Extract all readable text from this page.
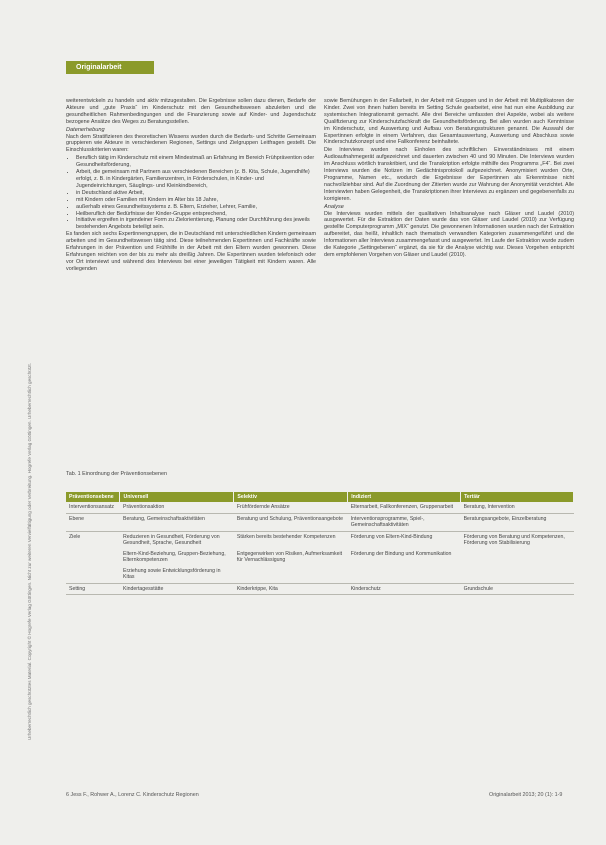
Originalarbeit
Urheberrechtlich geschütztes Material. Copyright © Hogrefe Verlag Göttingen. Nicht zur weiteren Vervielfältigung oder Verbreitung. Hogrefe Verlag Göttingen. Urheberrechtlich geschützt.

weiterentwickeln zu handeln und aktiv mitzugestalten. Die Ergebnisse sollen dazu dienen, Bedarfe der Akteure und „gute Praxis“ im Kinderschutz mit den Gesundheitswesen abzuleiten und die gesundheitlichen Rahmenbedingungen und die Finanzierung sowie auf Kinder- und Jugendschutz bezogene Ansätze des Weges zu Beratungsstellen.

Datenerhebung

Nach dem Stratifizieren des theoretischen Wissens wurden durch die Bedarfs- und Schritte Gemeinsam gruppieren wie Akteure in verschiedenen Regionen, Settings und Zielgruppen Leitfragen gestellt. Die Einschlusskriterien waren:

• Beruflich tätig im Kinderschutz mit einem Mindestmaß an Erfahrung im Bereich Frühprävention oder Gesundheitsförderung,
• Arbeit, die gemeinsam mit Partnern aus verschiedenen Bereichen (z. B. Kita, Schule, Jugendhilfe) erfolgt, z. B. in Kindergärten, Familienzentren, in Förderschulen, in Kinder- und Jugendeinrichtungen, Säuglings- und Kleinkindbereich,
• in Deutschland aktive Arbeit,
• mit Kindern oder Familien mit Kindern im Alter bis 18 Jahre,
• außerhalb eines Gesundheitssystems z. B. Eltern, Erzieher, Lehrer, Familie,
• Heilberuflich der Bedürfnisse der Kinder-Gruppe entsprechend,
• Initiative ergreifen in irgendeiner Form zu Zielorientierung, Planung oder Durchführung des jeweils bestehenden Angebots beteiligt sein.

Es fanden sich sechs Expertinnengruppen, die in Deutschland mit unterschiedlichen Kindern gemeinsam arbeiten und im Gesundheitswesen tätig sind. Diese teilnehmenden Expertinnen und Fachkräfte sowie Erfahrungen in der Prävention und Frühhilfe in der Arbeit mit den Eltern wurden gewonnen. Diese Erfahrungen reichten von der bis zu mehr als dreißig Jahren. Die Expertinnen wurden telefonisch oder vor Ort interviewt und während des Interviews bei einer jeweiligen Tätigkeit mit Kindern waren. Alle vorliegenden

sowie Bemühungen in der Fallarbeit, in der Arbeit mit Gruppen und in der Arbeit mit Multiplikatoren der Kinder. Zwei von ihnen hatten bereits im Setting Schule gearbeitet, eine hat nun eine Ausbildung zur systemischen Integrationsmit gemacht. Alle drei Bereiche umfassten drei Aspekte, wobei als weitere Qualifizierung zur Kinderschutzfachkraft die Gesundheitsförderung. Bei allen wurden auch Kenntnisse im Kinderschutz, und Auswertung und Aufbau von Beratungsstrukturen genannt. Die Auswahl der Expertinnen erfolgte in einem Verfahren, das Gesamtauswertung, Auswertung und Abschluss sowie Kinderschutzkonzept und eine Fallkonferenz beinhaltete.

Die Interviews wurden nach Einholen des schriftlichen Einverständnisses mit einem Audioaufnahmegerät aufgezeichnet und dauerten zwischen 40 und 90 Minuten. Die Interviews wurden im Anschluss wörtlich transkribiert, und die Transkription erfolgte mithilfe des Programms „F4“. Bei zwei Interviews wurden die Notizen im Gedächtnisprotokoll aufgezeichnet. Anonymisiert wurden Orte, Programme, Namen etc., wodurch die Ergebnisse der Expertinnen als Erkenntnisse nicht nachvollziehbar sind. Auf die Zuordnung der Zitierten wurde zur Wahrung der Anonymität verzichtet. Alle Interviewten haben Gelegenheit, die Transkriptionen ihrer Interviews zu ergänzen und gegebenenfalls zu korrigieren.

Analyse

Die Interviews wurden mittels der qualitativen Inhaltsanalyse nach Gläser und Laudel (2010) ausgewertet. Für die Extraktion der Daten wurde das von Gläser und Laudel (2010) zur Verfügung gestellte Computerprogramm „MIX“ genutzt. Die gewonnenen Informationen wurden nach der Extraktion aufbereitet, das heißt, inhaltlich nach thematisch verwandten Kategorien zusammengeführt und die Informationen aller Interviews zusammengefasst und ausgewertet. Im Laufe der Extraktion wurde zudem die Kategorie „Settingebenen“ ergänzt, da sie für die Analyse wichtig war. Dieses Vorgehen entspricht dem empfohlenen Vorgehen von Gläser und Laudel (2010).

Tab. 1 Einordnung der Präventionsebenen
Präventionsebene	Universell	Selektiv	Indiziert	Tertiär
Interventionsansatz	Präventionsaktion	Frühfördernde Ansätze	Elternarbeit, Fallkonferenzen, Gruppenarbeit	Beratung, Intervention
Ebene	Beratung, Gemeinschaftsaktivitäten	Beratung und Schulung, Präventionsangebote	Interventionsprogramme, Spiel-, Gemeinschaftsaktivitäten	Beratungsangebote, Einzelberatung
Ziele	Reduzieren in Gesundheit, Förderung von Gesundheit, Sprache, Gesundheit	Stärken bereits bestehender Kompetenzen	Förderung von Eltern-Kind-Bindung	Förderung von Beratung und Kompetenzen, Förderung von Stabilisierung
	Eltern-Kind-Beziehung, Gruppen-Beziehung, Elternkompetenzen	Entgegenwirken von Risiken, Aufmerksamkeit für Vernachlässigung	Förderung der Bindung und Kommunikation	
	Erziehung sowie Entwicklungsförderung in Kitas			
Setting	Kindertagesstätte	Kinderkrippe, Kita	Kinderschutz	Grundschule
6 Jess F., Rohwer A., Lorenz C. Kinderschutz Regionen	Originalarbeit 2013; 20 (1): 1-9
